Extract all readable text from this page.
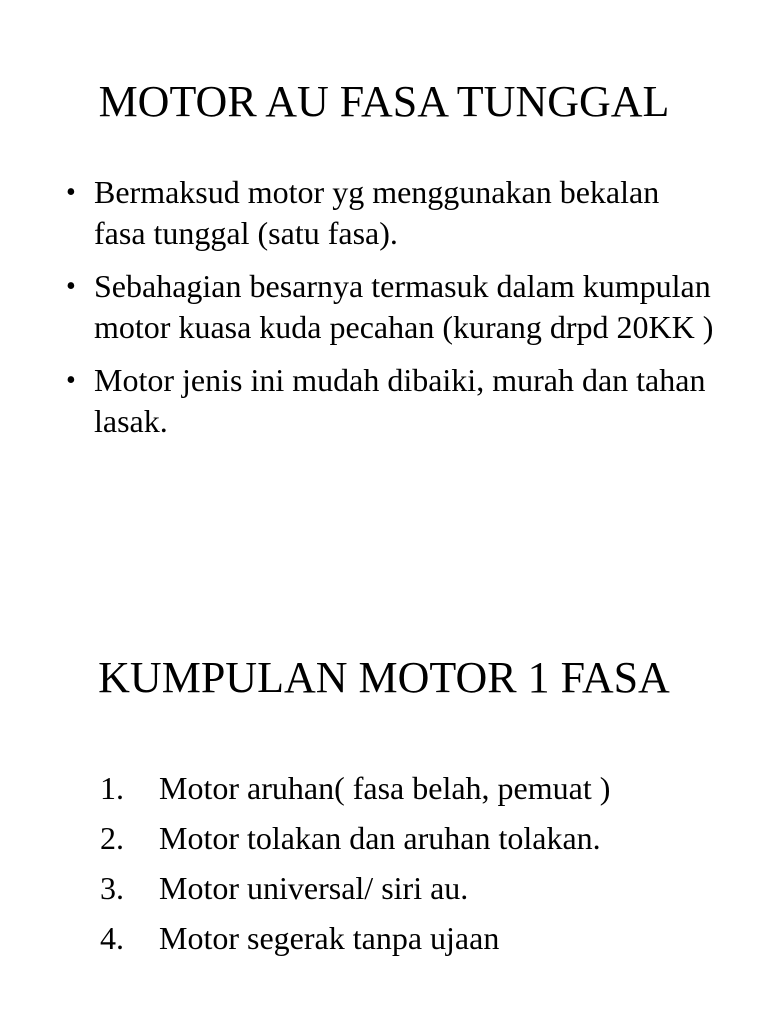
MOTOR AU FASA TUNGGAL
• Bermaksud motor yg menggunakan bekalan fasa tunggal (satu fasa).
• Sebahagian besarnya termasuk dalam kumpulan motor kuasa kuda pecahan (kurang drpd 20KK )
• Motor jenis ini mudah dibaiki, murah dan tahan lasak.
KUMPULAN MOTOR 1 FASA
1. Motor aruhan( fasa belah, pemuat )
2. Motor tolakan dan aruhan tolakan.
3. Motor universal/ siri au.
4. Motor segerak tanpa ujaan
